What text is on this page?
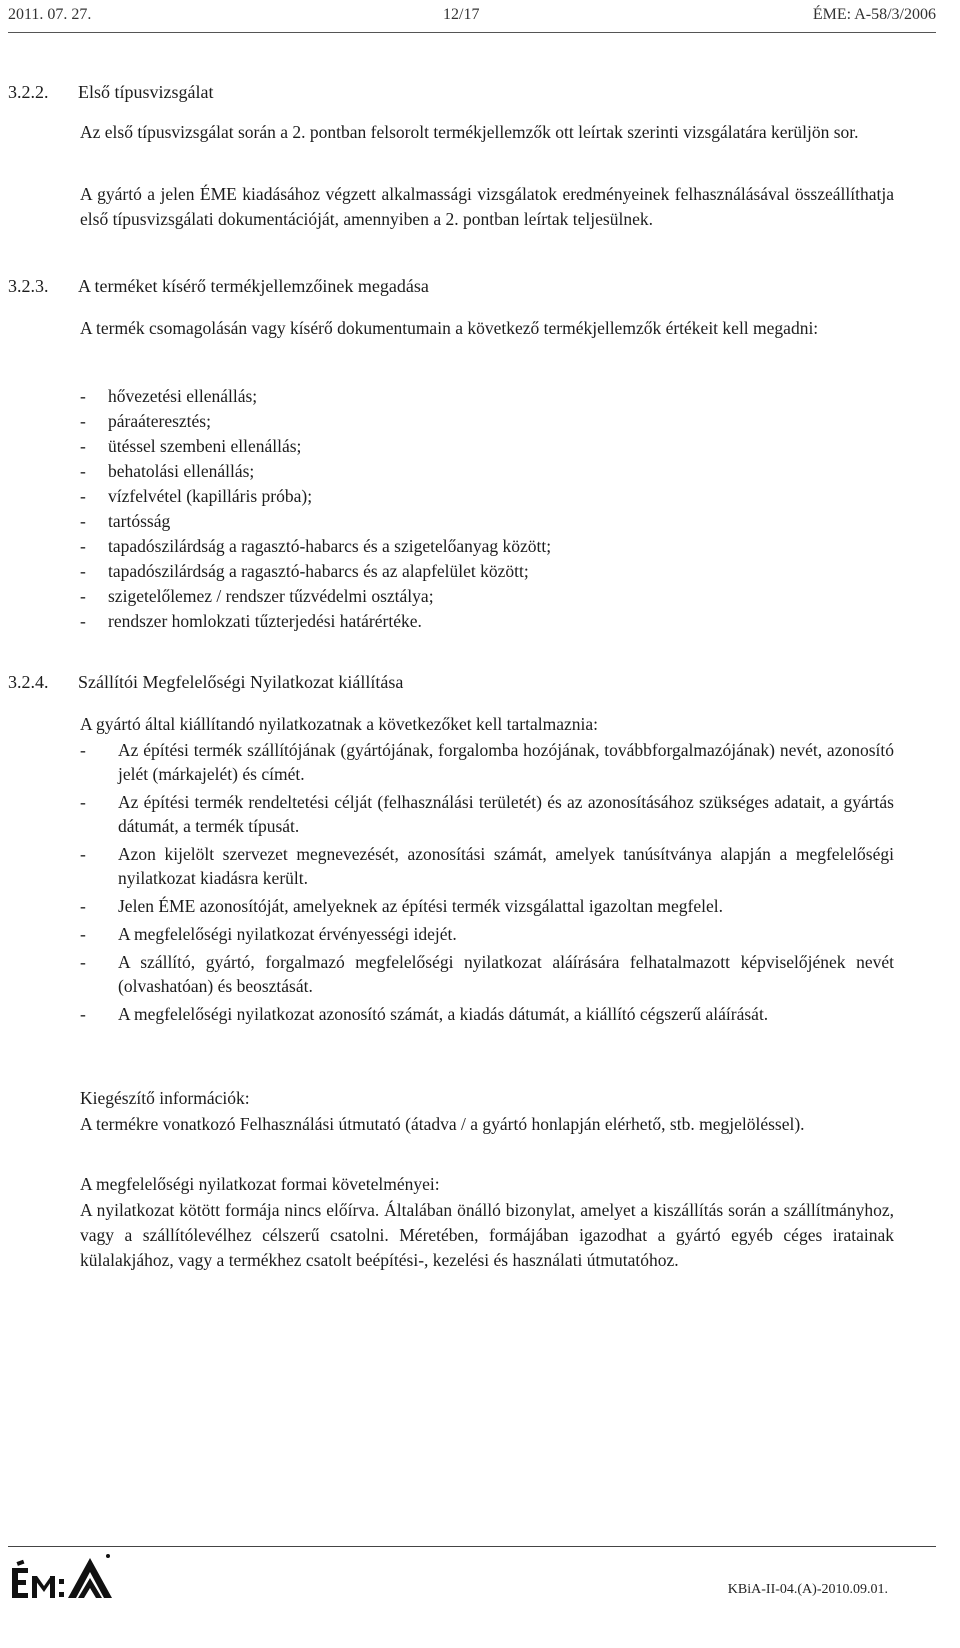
2011. 07. 27.	12/17	ÉME: A-58/3/2006
3.2.2. Első típusvizsgálat
Az első típusvizsgálat során a 2. pontban felsorolt termékjellemzők ott leírtak szerinti vizsgálatára kerüljön sor.
A gyártó a jelen ÉME kiadásához végzett alkalmassági vizsgálatok eredményeinek felhasználásával összeállíthatja első típusvizsgálati dokumentációját, amennyiben a 2. pontban leírtak teljesülnek.
3.2.3. A terméket kísérő termékjellemzőinek megadása
A termék csomagolásán vagy kísérő dokumentumain a következő termékjellemzők értékeit kell megadni:
- hővezetési ellenállás;
- páraáteresztés;
- ütéssel szembeni ellenállás;
- behatolási ellenállás;
- vízfelvétel (kapilláris próba);
- tartósság
- tapadószilárdság a ragasztó-habarcs és a szigetelőanyag között;
- tapadószilárdság a ragasztó-habarcs és az alapfelület között;
- szigetelőlemez / rendszer tűzvédelmi osztálya;
- rendszer homlokzati tűzterjedési határértéke.
3.2.4. Szállítói Megfelelőségi Nyilatkozat kiállítása
A gyártó által kiállítandó nyilatkozatnak a következőket kell tartalmaznia:
- Az építési termék szállítójának (gyártójának, forgalomba hozójának, továbbforgalmazójának) nevét, azonosító jelét (márkajelét) és címét.
- Az építési termék rendeltetési célját (felhasználási területét) és az azonosításához szükséges adatait, a gyártás dátumát, a termék típusát.
- Azon kijelölt szervezet megnevezését, azonosítási számát, amelyek tanúsítványa alapján a megfelelőségi nyilatkozat kiadásra került.
- Jelen ÉME azonosítóját, amelyeknek az építési termék vizsgálattal igazoltan megfelel.
- A megfelelőségi nyilatkozat érvényességi idejét.
- A szállító, gyártó, forgalmazó megfelelőségi nyilatkozat aláírására felhatalmazott képviselőjének nevét (olvashatóan) és beosztását.
- A megfelelőségi nyilatkozat azonosító számát, a kiadás dátumát, a kiállító cégszerű aláírását.
Kiegészítő információk:
A termékre vonatkozó Felhasználási útmutató (átadva / a gyártó honlapján elérhető, stb. megjelöléssel).
A megfelelőségi nyilatkozat formai követelményei:
A nyilatkozat kötött formája nincs előírva. Általában önálló bizonylat, amelyet a kiszállítás során a szállítmányhoz, vagy a szállítólevélhez célszerű csatolni. Méretében, formájában igazodhat a gyártó egyéb céges iratainak külalakjához, vagy a termékhez csatolt beépítési-, kezelési és használati útmutatóhoz.
KBiA-II-04.(A)-2010.09.01.
